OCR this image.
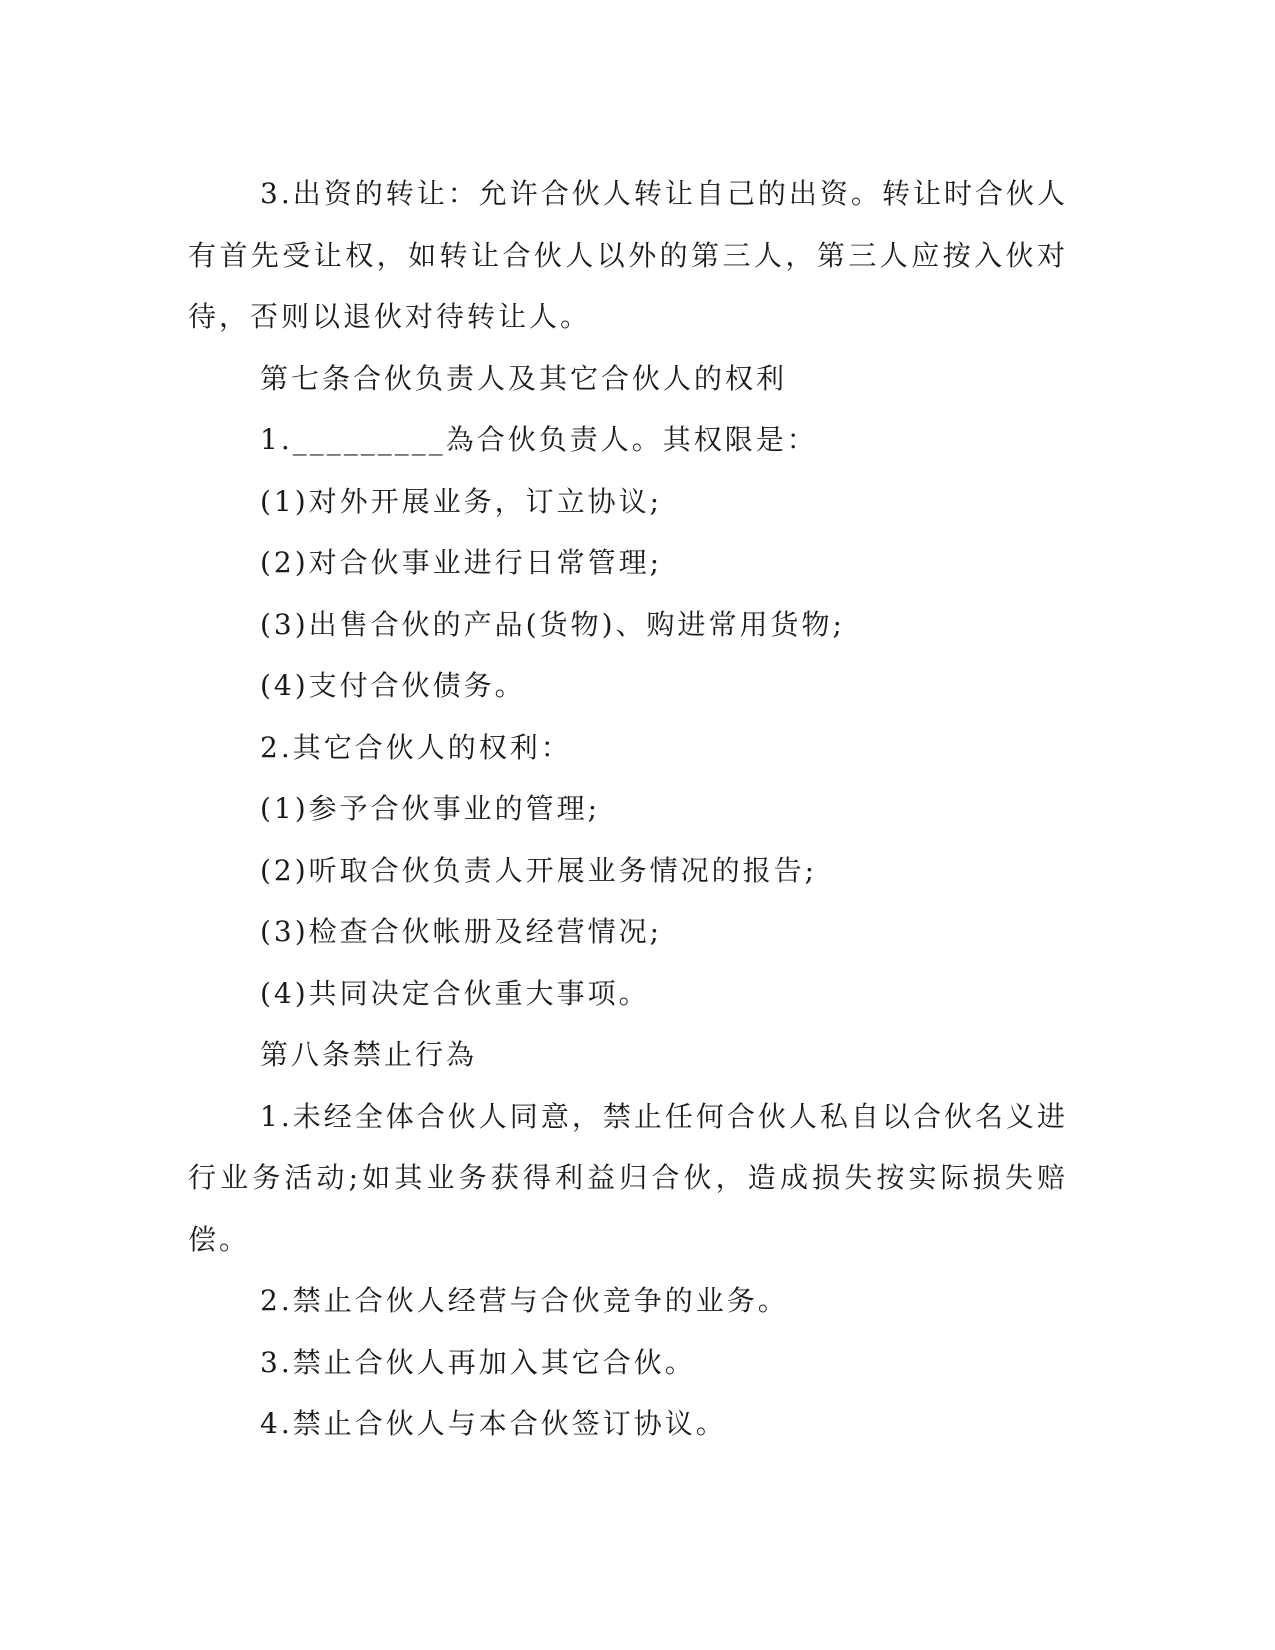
3.出资的转让：允许合伙人转让自己的出资。转让时合伙人有首先受让权，如转让合伙人以外的第三人，第三人应按入伙对待，否则以退伙对待转让人。

第七条合伙负责人及其它合伙人的权利

1._________為合伙负责人。其权限是：

(1)对外开展业务，订立协议;

(2)对合伙事业进行日常管理;

(3)出售合伙的产品(货物)、购进常用货物;

(4)支付合伙债务。

2.其它合伙人的权利：

(1)参予合伙事业的管理;

(2)听取合伙负责人开展业务情况的报告;

(3)检查合伙帐册及经营情况;

(4)共同决定合伙重大事项。

第八条禁止行為

1.未经全体合伙人同意，禁止任何合伙人私自以合伙名义进行业务活动;如其业务获得利益归合伙，造成损失按实际损失赔偿。

2.禁止合伙人经营与合伙竞争的业务。

3.禁止合伙人再加入其它合伙。

4.禁止合伙人与本合伙签订协议。
